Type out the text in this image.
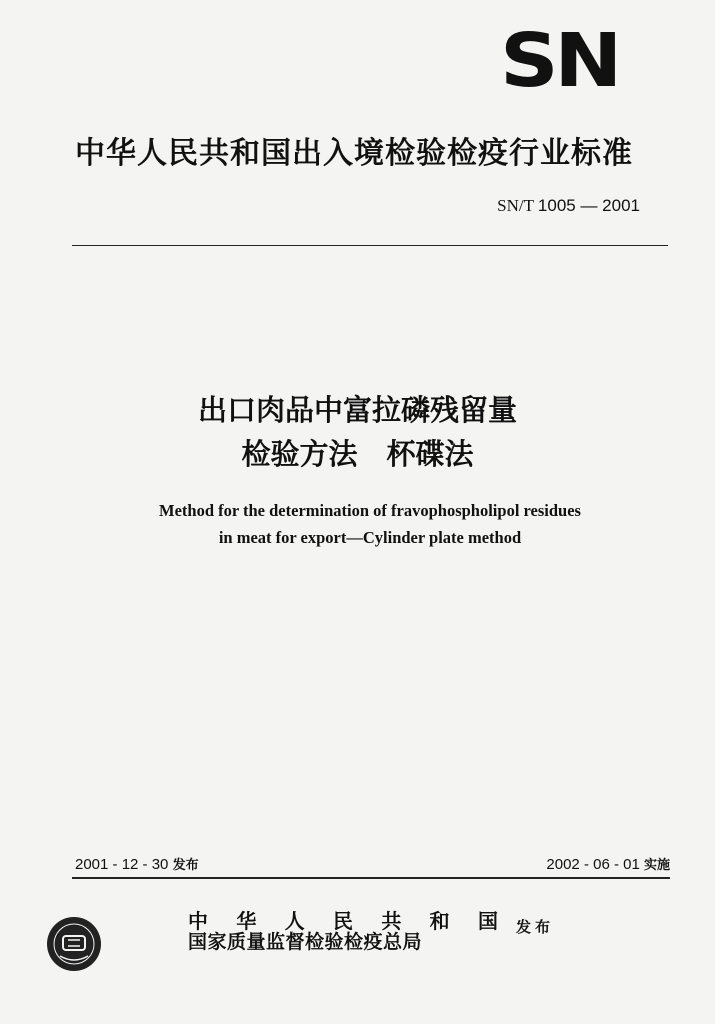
SN
中华人民共和国出入境检验检疫行业标准
SN/T 1005 — 2001
出口肉品中富拉磷残留量
检验方法　杯碟法
Method for the determination of fravophospholipol residues
in meat for export—Cylinder plate method
2001 - 12 - 30 发布	2002 - 06 - 01 实施
中 华 人 民 共 和 国
国家质量监督检验检疫总局
发布
